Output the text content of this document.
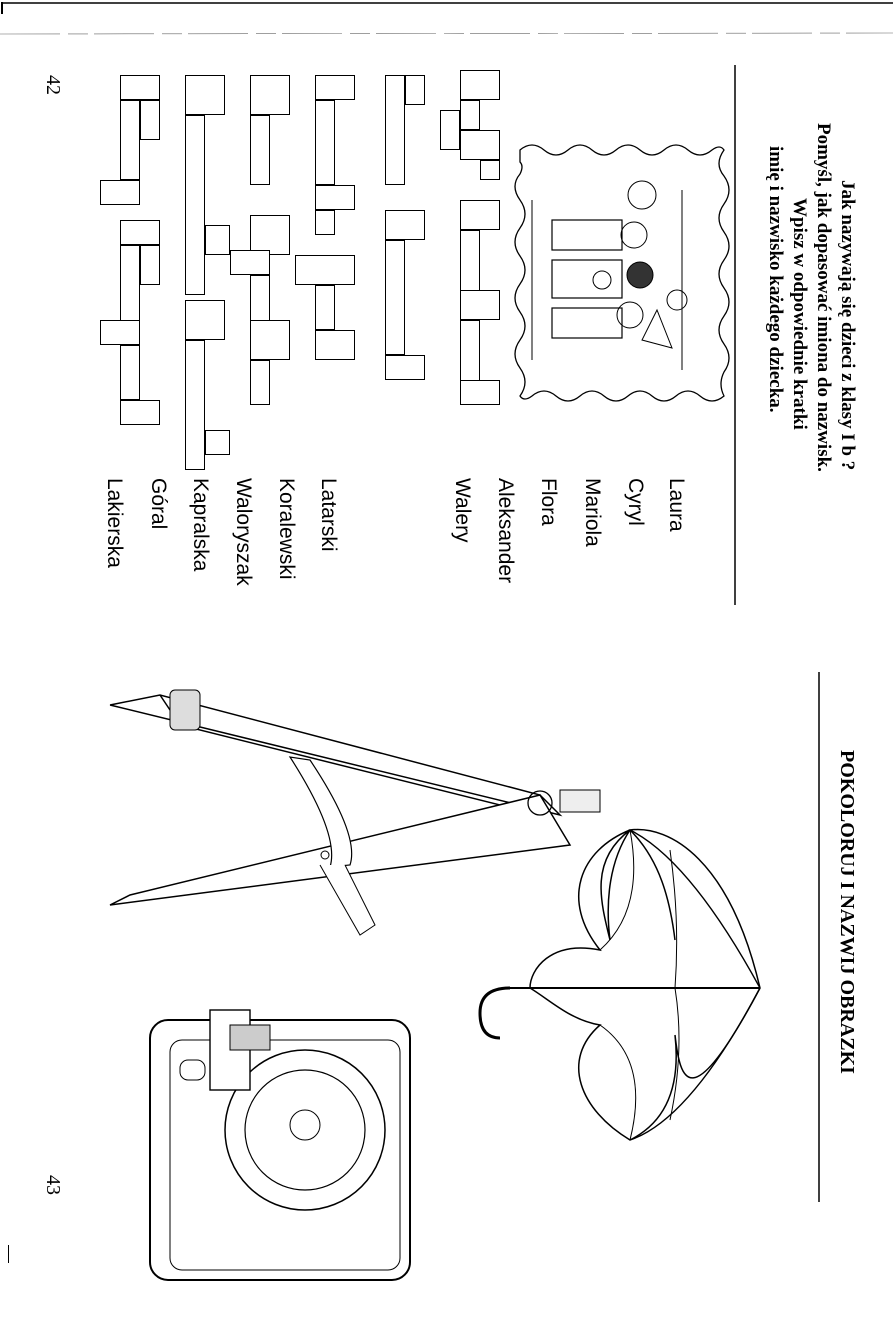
42
43
Jak nazywają się dzieci z klasy I b ?
Pomyśl, jak dopasować imiona do nazwisk.
Wpisz w odpowiednie kratki
imię i nazwisko każdego dziecka.
Laura
Cyryl
Mariola
Flora
Aleksander
Walery
Latarski
Koralewski
Waloryszak
Kapralska
Góral
Lakierska
POKOLORUJ I NAZWIJ OBRAZKI
